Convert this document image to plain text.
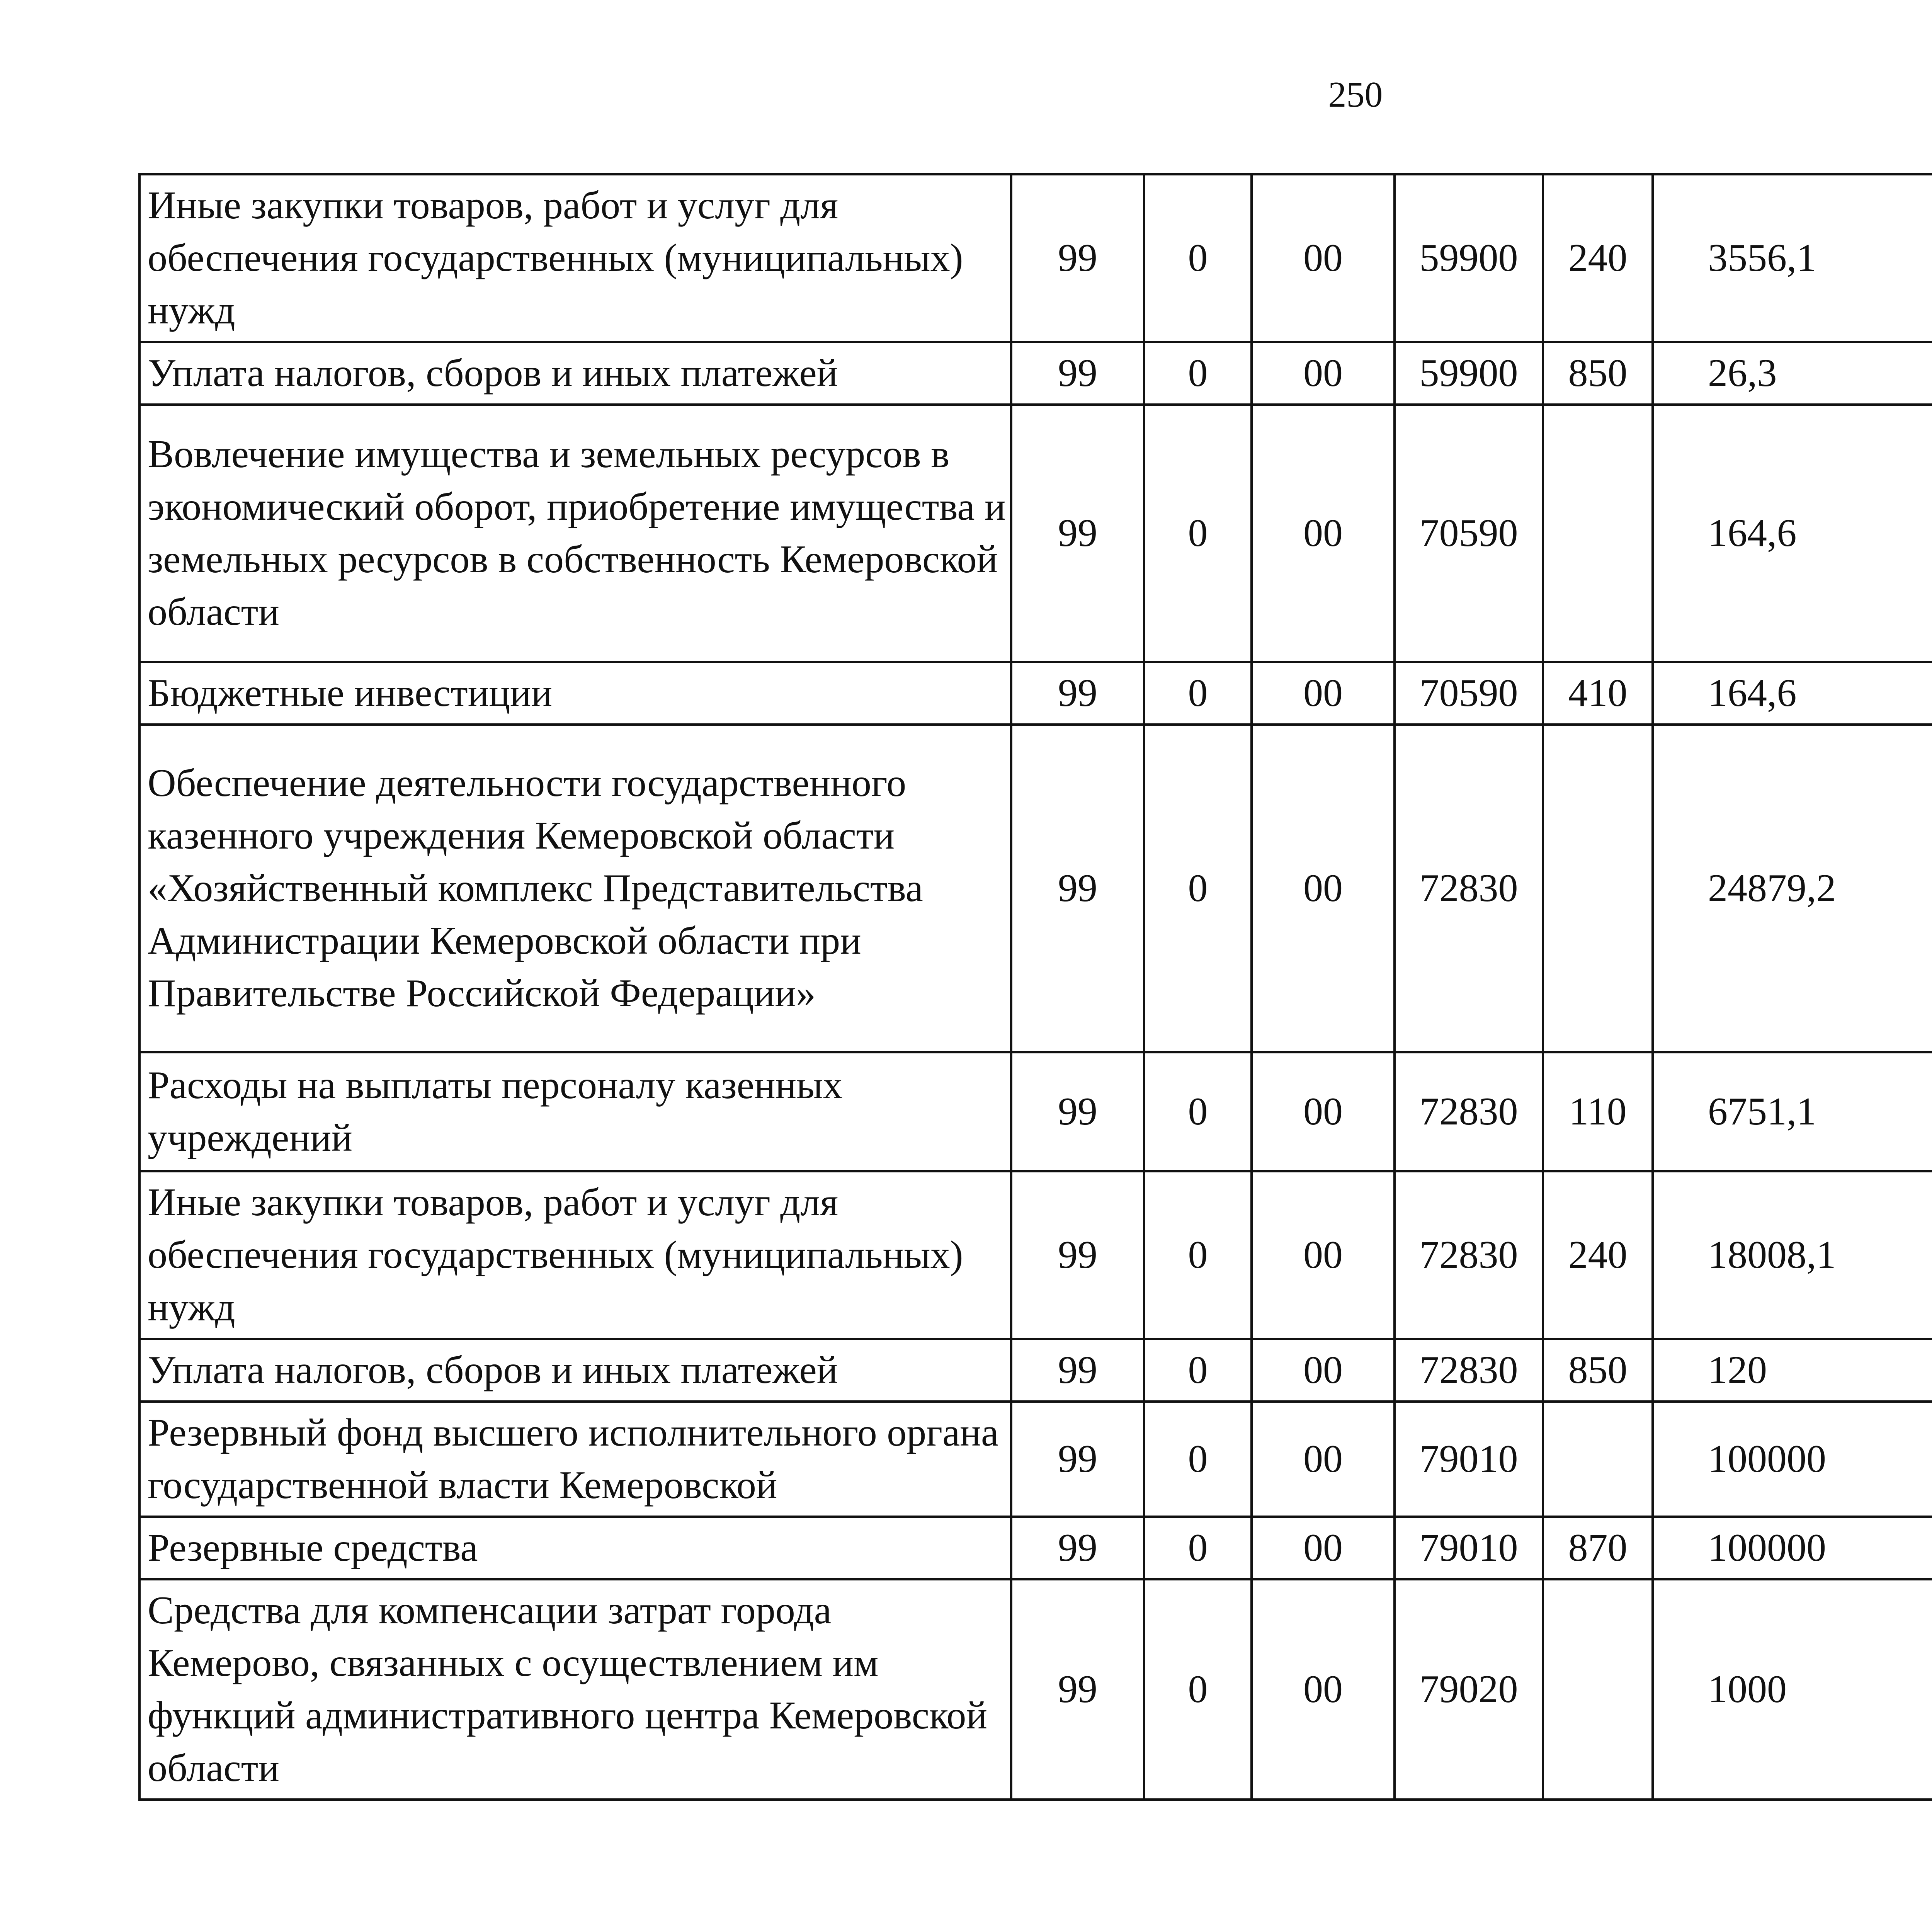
250
Иные закупки товаров, работ и услуг для обеспечения государственных (муниципальных) нужд	99	0	00	59900	240	3556,1		
Уплата налогов, сборов и иных платежей	99	0	00	59900	850	26,3		
Вовлечение имущества и земельных ресурсов в экономический оборот, приобретение имущества и земельных ресурсов в собственность Кемеровской области	99	0	00	70590		164,6		
Бюджетные инвестиции	99	0	00	70590	410	164,6		
Обеспечение деятельности государственного казенного учреждения Кемеровской области «Хозяйственный комплекс Представительства Администрации Кемеровской области при Правительстве Российской Федерации»	99	0	00	72830		24879,2		
Расходы на выплаты персоналу казенных учреждений	99	0	00	72830	110	6751,1		
Иные закупки товаров, работ и услуг для обеспечения государственных (муниципальных) нужд	99	0	00	72830	240	18008,1		
Уплата налогов, сборов и иных платежей	99	0	00	72830	850	120		
Резервный фонд высшего исполнительного органа государственной власти Кемеровской	99	0	00	79010		100000		
Резервные средства	99	0	00	79010	870	100000		
Средства для компенсации затрат города Кемерово, связанных с осуществлением им функций административного центра Кемеровской области	99	0	00	79020		1000		
